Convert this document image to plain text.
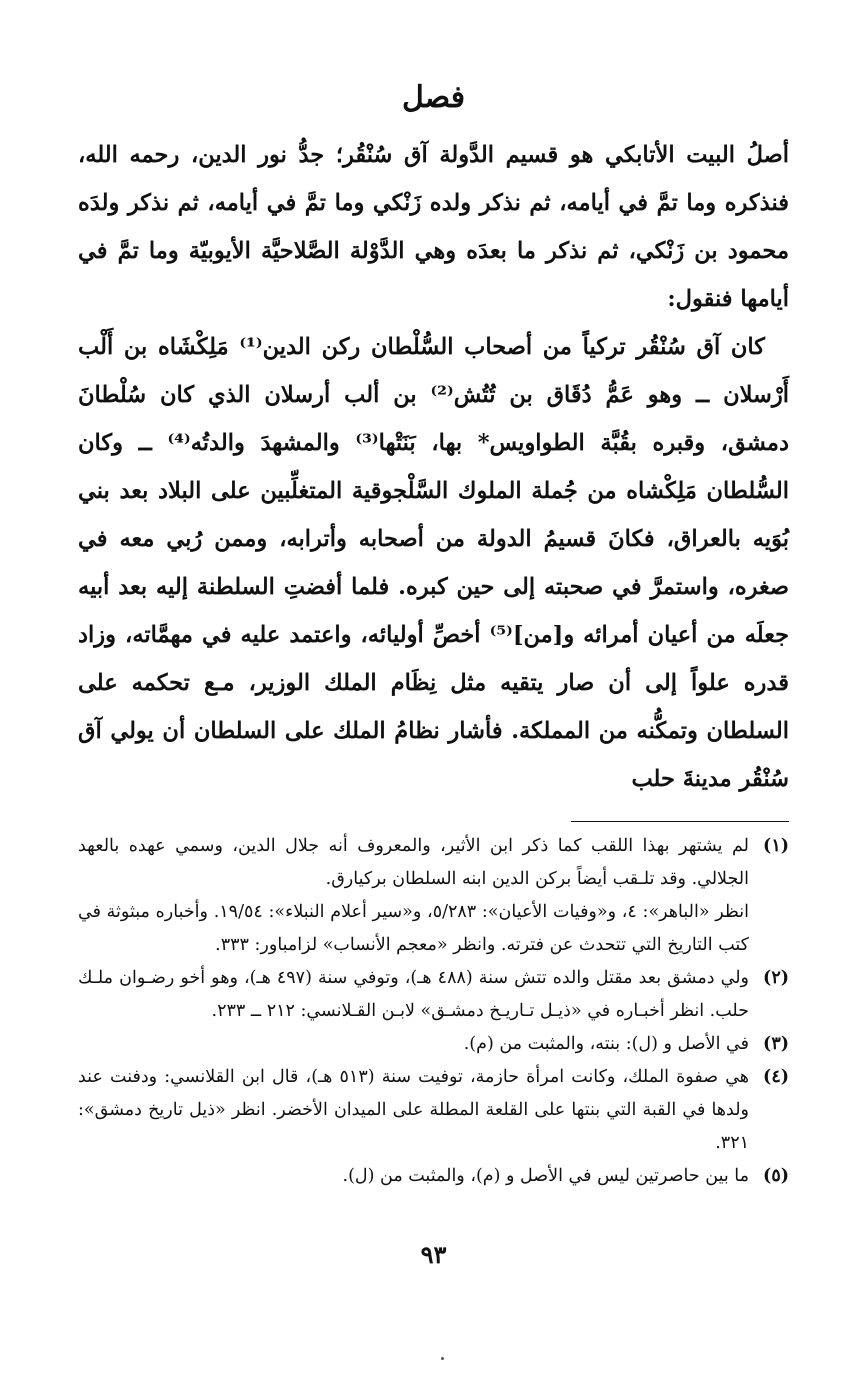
فصل

أصلُ البيت الأتابكي هو قسيم الدَّولة آق سُنْقُر؛ جدُّ نور الدين، رحمه الله، فنذكره وما تمَّ في أيامه، ثم نذكر ولده زَنْكي وما تمَّ في أيامه، ثم نذكر ولدَه محمود بن زَنْكي، ثم نذكر ما بعدَه وهي الدَّوْلة الصَّلاحيَّة الأيوبيّة وما تمَّ في أيامها فنقول:

كان آق سُنْقُر تركياً من أصحاب السُّلْطان ركن الدين⁽¹⁾ مَلِكْشَاه بن أَلْب أَرْسلان ــ وهو عَمُّ دُقَاق بن تُتُش⁽²⁾ بن ألب أرسلان الذي كان سُلْطانَ دمشق، وقبره بقُبَّة الطواويس* بها، بَنَتْها⁽³⁾ والمشهدَ والدتُه⁽⁴⁾ ــ وكان السُّلطان مَلِكْشاه من جُملة الملوك السَّلْجوقية المتغلِّبين على البلاد بعد بني بُوَيه بالعراق، فكانَ قسيمُ الدولة من أصحابه وأترابه، وممن رُبي معه في صغره، واستمرَّ في صحبته إلى حين كبره. فلما أفضتِ السلطنة إليه بعد أبيه جعلَه من أعيان أمرائه و[من]⁽⁵⁾ أخصِّ أوليائه، واعتمد عليه في مهمَّاته، وزاد قدره علواً إلى أن صار يتقيه مثل نِظَام الملك الوزير، مـع تحكمه على السلطان وتمكُّنه من المملكة. فأشار نظامُ الملك على السلطان أن يولي آق سُنْقُر مدينةَ حلب

(١)

لم يشتهر بهذا اللقب كما ذكر ابن الأثير، والمعروف أنه جلال الدين، وسمي عهده بالعهد الجلالي. وقد تلـقب أيضاً بركن الدين ابنه السلطان بركيارق.

انظر «الباهر»: ٤، و«وفيات الأعيان»: ٥/٢٨٣، و«سير أعلام النبلاء»: ١٩/٥٤. وأخباره مبثوثة في كتب التاريخ التي تتحدث عن فترته. وانظر «معجم الأنساب» لزامباور: ٣٣٣.

(٢)

ولي دمشق بعد مقتل والده تتش سنة (٤٨٨ هـ)، وتوفي سنة (٤٩٧ هـ)، وهو أخو رضـوان ملـك حلب. انظر أخبـاره في «ذيـل تـاريـخ دمشـق» لابـن القـلانسي: ٢١٢ ــ ٢٣٣.

(٣)

في الأصل و (ل): بنته، والمثبت من (م).

(٤)

هي صفوة الملك، وكانت امرأة حازمة، توفيت سنة (٥١٣ هـ)، قال ابن القلانسي: ودفنت عند ولدها في القبة التي بنتها على القلعة المطلة على الميدان الأخضر. انظر «ذيل تاريخ دمشق»: ٣٢١.

(٥)

ما بين حاصرتين ليس في الأصل و (م)، والمثبت من (ل).

٩٣
